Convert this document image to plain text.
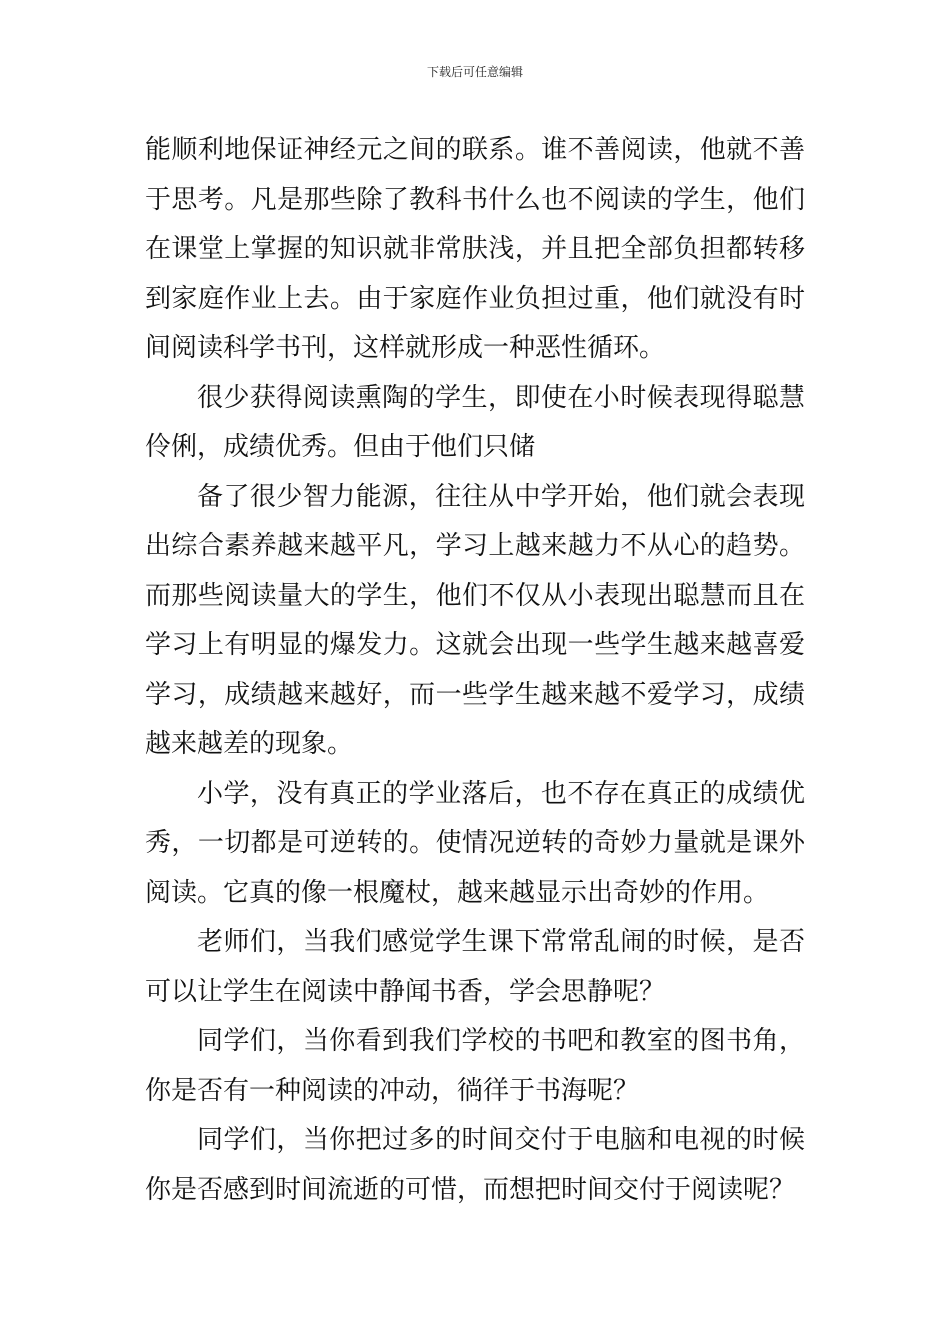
下载后可任意编辑

能顺利地保证神经元之间的联系。谁不善阅读，他就不善于思考。凡是那些除了教科书什么也不阅读的学生，他们在课堂上掌握的知识就非常肤浅，并且把全部负担都转移到家庭作业上去。由于家庭作业负担过重，他们就没有时间阅读科学书刊，这样就形成一种恶性循环。

很少获得阅读熏陶的学生，即使在小时候表现得聪慧伶俐，成绩优秀。但由于他们只储

备了很少智力能源，往往从中学开始，他们就会表现出综合素养越来越平凡，学习上越来越力不从心的趋势。而那些阅读量大的学生，他们不仅从小表现出聪慧而且在学习上有明显的爆发力。这就会出现一些学生越来越喜爱学习，成绩越来越好，而一些学生越来越不爱学习，成绩越来越差的现象。

小学，没有真正的学业落后，也不存在真正的成绩优秀，一切都是可逆转的。使情况逆转的奇妙力量就是课外阅读。它真的像一根魔杖，越来越显示出奇妙的作用。

老师们，当我们感觉学生课下常常乱闹的时候，是否可以让学生在阅读中静闻书香，学会思静呢？

同学们，当你看到我们学校的书吧和教室的图书角，你是否有一种阅读的冲动，徜徉于书海呢？

同学们，当你把过多的时间交付于电脑和电视的时候你是否感到时间流逝的可惜，而想把时间交付于阅读呢？
